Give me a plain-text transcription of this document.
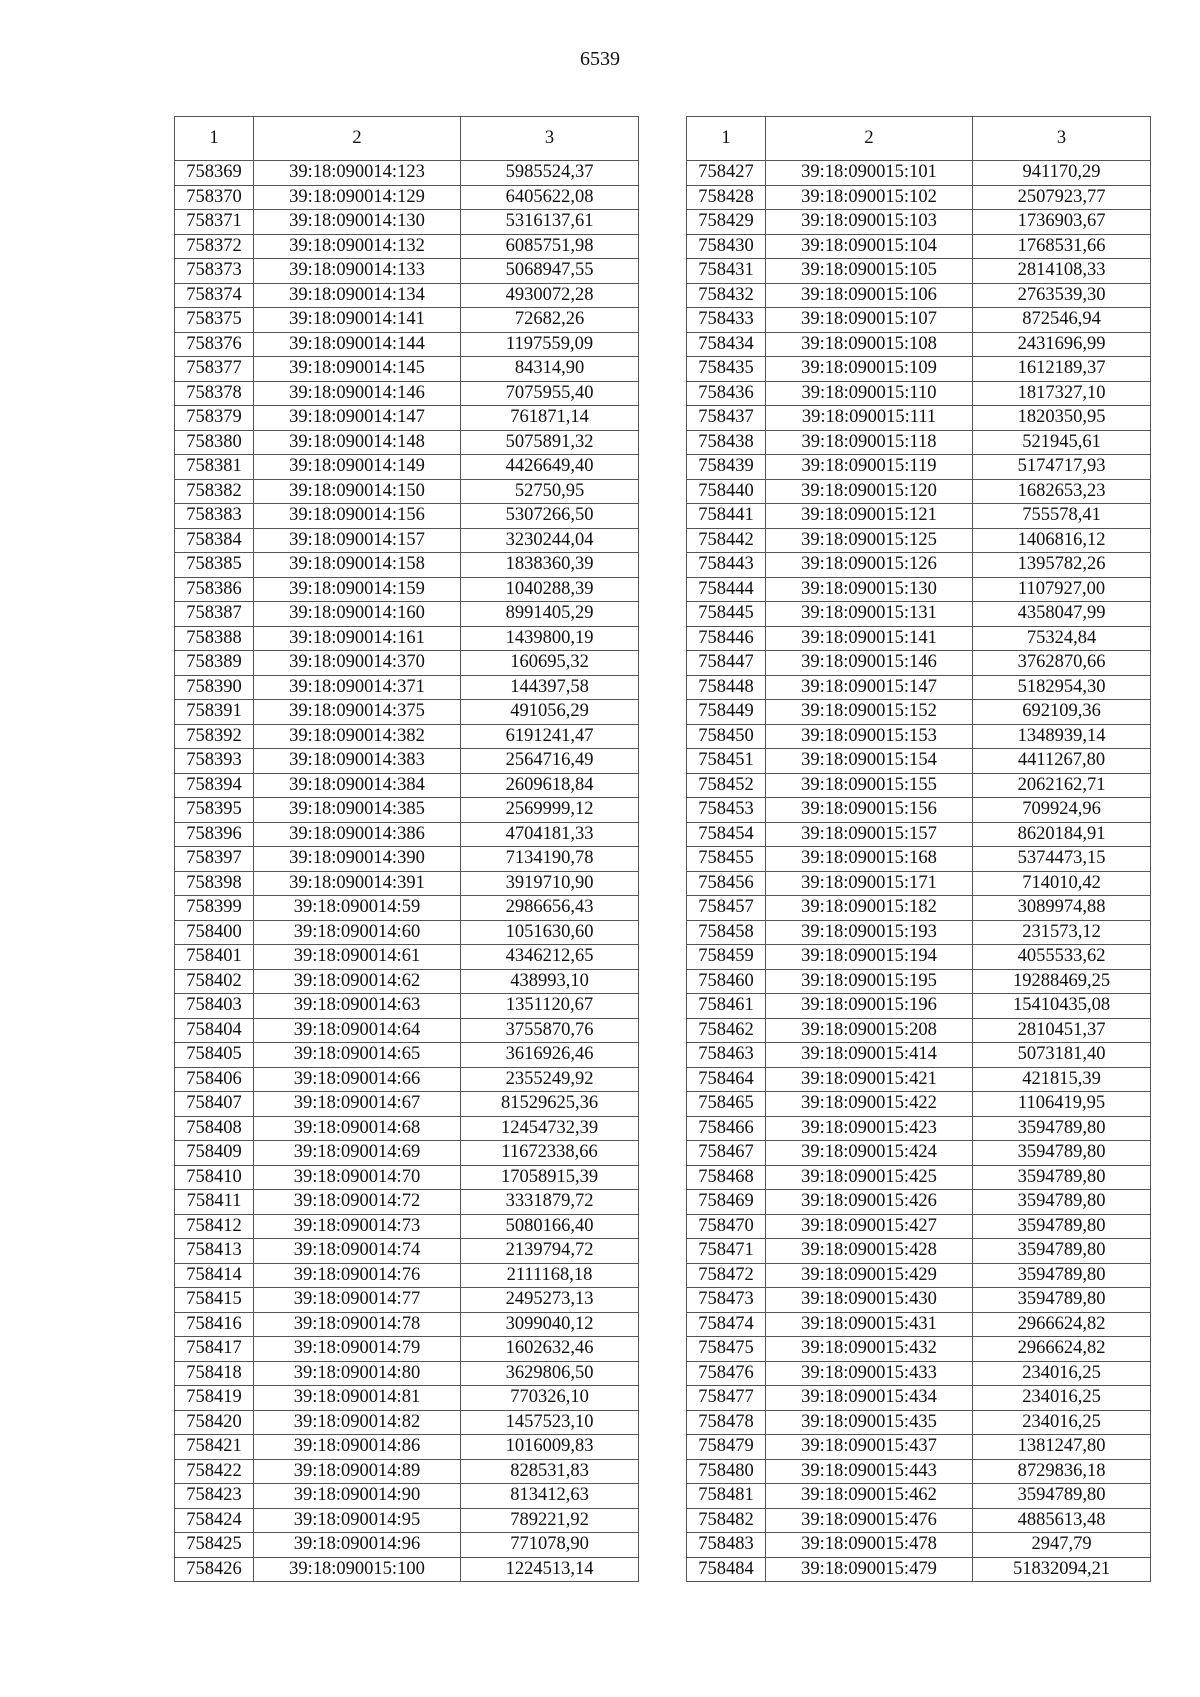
6539
1	2	3
758369	39:18:090014:123	5985524,37
758370	39:18:090014:129	6405622,08
758371	39:18:090014:130	5316137,61
758372	39:18:090014:132	6085751,98
758373	39:18:090014:133	5068947,55
758374	39:18:090014:134	4930072,28
758375	39:18:090014:141	72682,26
758376	39:18:090014:144	1197559,09
758377	39:18:090014:145	84314,90
758378	39:18:090014:146	7075955,40
758379	39:18:090014:147	761871,14
758380	39:18:090014:148	5075891,32
758381	39:18:090014:149	4426649,40
758382	39:18:090014:150	52750,95
758383	39:18:090014:156	5307266,50
758384	39:18:090014:157	3230244,04
758385	39:18:090014:158	1838360,39
758386	39:18:090014:159	1040288,39
758387	39:18:090014:160	8991405,29
758388	39:18:090014:161	1439800,19
758389	39:18:090014:370	160695,32
758390	39:18:090014:371	144397,58
758391	39:18:090014:375	491056,29
758392	39:18:090014:382	6191241,47
758393	39:18:090014:383	2564716,49
758394	39:18:090014:384	2609618,84
758395	39:18:090014:385	2569999,12
758396	39:18:090014:386	4704181,33
758397	39:18:090014:390	7134190,78
758398	39:18:090014:391	3919710,90
758399	39:18:090014:59	2986656,43
758400	39:18:090014:60	1051630,60
758401	39:18:090014:61	4346212,65
758402	39:18:090014:62	438993,10
758403	39:18:090014:63	1351120,67
758404	39:18:090014:64	3755870,76
758405	39:18:090014:65	3616926,46
758406	39:18:090014:66	2355249,92
758407	39:18:090014:67	81529625,36
758408	39:18:090014:68	12454732,39
758409	39:18:090014:69	11672338,66
758410	39:18:090014:70	17058915,39
758411	39:18:090014:72	3331879,72
758412	39:18:090014:73	5080166,40
758413	39:18:090014:74	2139794,72
758414	39:18:090014:76	2111168,18
758415	39:18:090014:77	2495273,13
758416	39:18:090014:78	3099040,12
758417	39:18:090014:79	1602632,46
758418	39:18:090014:80	3629806,50
758419	39:18:090014:81	770326,10
758420	39:18:090014:82	1457523,10
758421	39:18:090014:86	1016009,83
758422	39:18:090014:89	828531,83
758423	39:18:090014:90	813412,63
758424	39:18:090014:95	789221,92
758425	39:18:090014:96	771078,90
758426	39:18:090015:100	1224513,14
1	2	3
758427	39:18:090015:101	941170,29
758428	39:18:090015:102	2507923,77
758429	39:18:090015:103	1736903,67
758430	39:18:090015:104	1768531,66
758431	39:18:090015:105	2814108,33
758432	39:18:090015:106	2763539,30
758433	39:18:090015:107	872546,94
758434	39:18:090015:108	2431696,99
758435	39:18:090015:109	1612189,37
758436	39:18:090015:110	1817327,10
758437	39:18:090015:111	1820350,95
758438	39:18:090015:118	521945,61
758439	39:18:090015:119	5174717,93
758440	39:18:090015:120	1682653,23
758441	39:18:090015:121	755578,41
758442	39:18:090015:125	1406816,12
758443	39:18:090015:126	1395782,26
758444	39:18:090015:130	1107927,00
758445	39:18:090015:131	4358047,99
758446	39:18:090015:141	75324,84
758447	39:18:090015:146	3762870,66
758448	39:18:090015:147	5182954,30
758449	39:18:090015:152	692109,36
758450	39:18:090015:153	1348939,14
758451	39:18:090015:154	4411267,80
758452	39:18:090015:155	2062162,71
758453	39:18:090015:156	709924,96
758454	39:18:090015:157	8620184,91
758455	39:18:090015:168	5374473,15
758456	39:18:090015:171	714010,42
758457	39:18:090015:182	3089974,88
758458	39:18:090015:193	231573,12
758459	39:18:090015:194	4055533,62
758460	39:18:090015:195	19288469,25
758461	39:18:090015:196	15410435,08
758462	39:18:090015:208	2810451,37
758463	39:18:090015:414	5073181,40
758464	39:18:090015:421	421815,39
758465	39:18:090015:422	1106419,95
758466	39:18:090015:423	3594789,80
758467	39:18:090015:424	3594789,80
758468	39:18:090015:425	3594789,80
758469	39:18:090015:426	3594789,80
758470	39:18:090015:427	3594789,80
758471	39:18:090015:428	3594789,80
758472	39:18:090015:429	3594789,80
758473	39:18:090015:430	3594789,80
758474	39:18:090015:431	2966624,82
758475	39:18:090015:432	2966624,82
758476	39:18:090015:433	234016,25
758477	39:18:090015:434	234016,25
758478	39:18:090015:435	234016,25
758479	39:18:090015:437	1381247,80
758480	39:18:090015:443	8729836,18
758481	39:18:090015:462	3594789,80
758482	39:18:090015:476	4885613,48
758483	39:18:090015:478	2947,79
758484	39:18:090015:479	51832094,21
